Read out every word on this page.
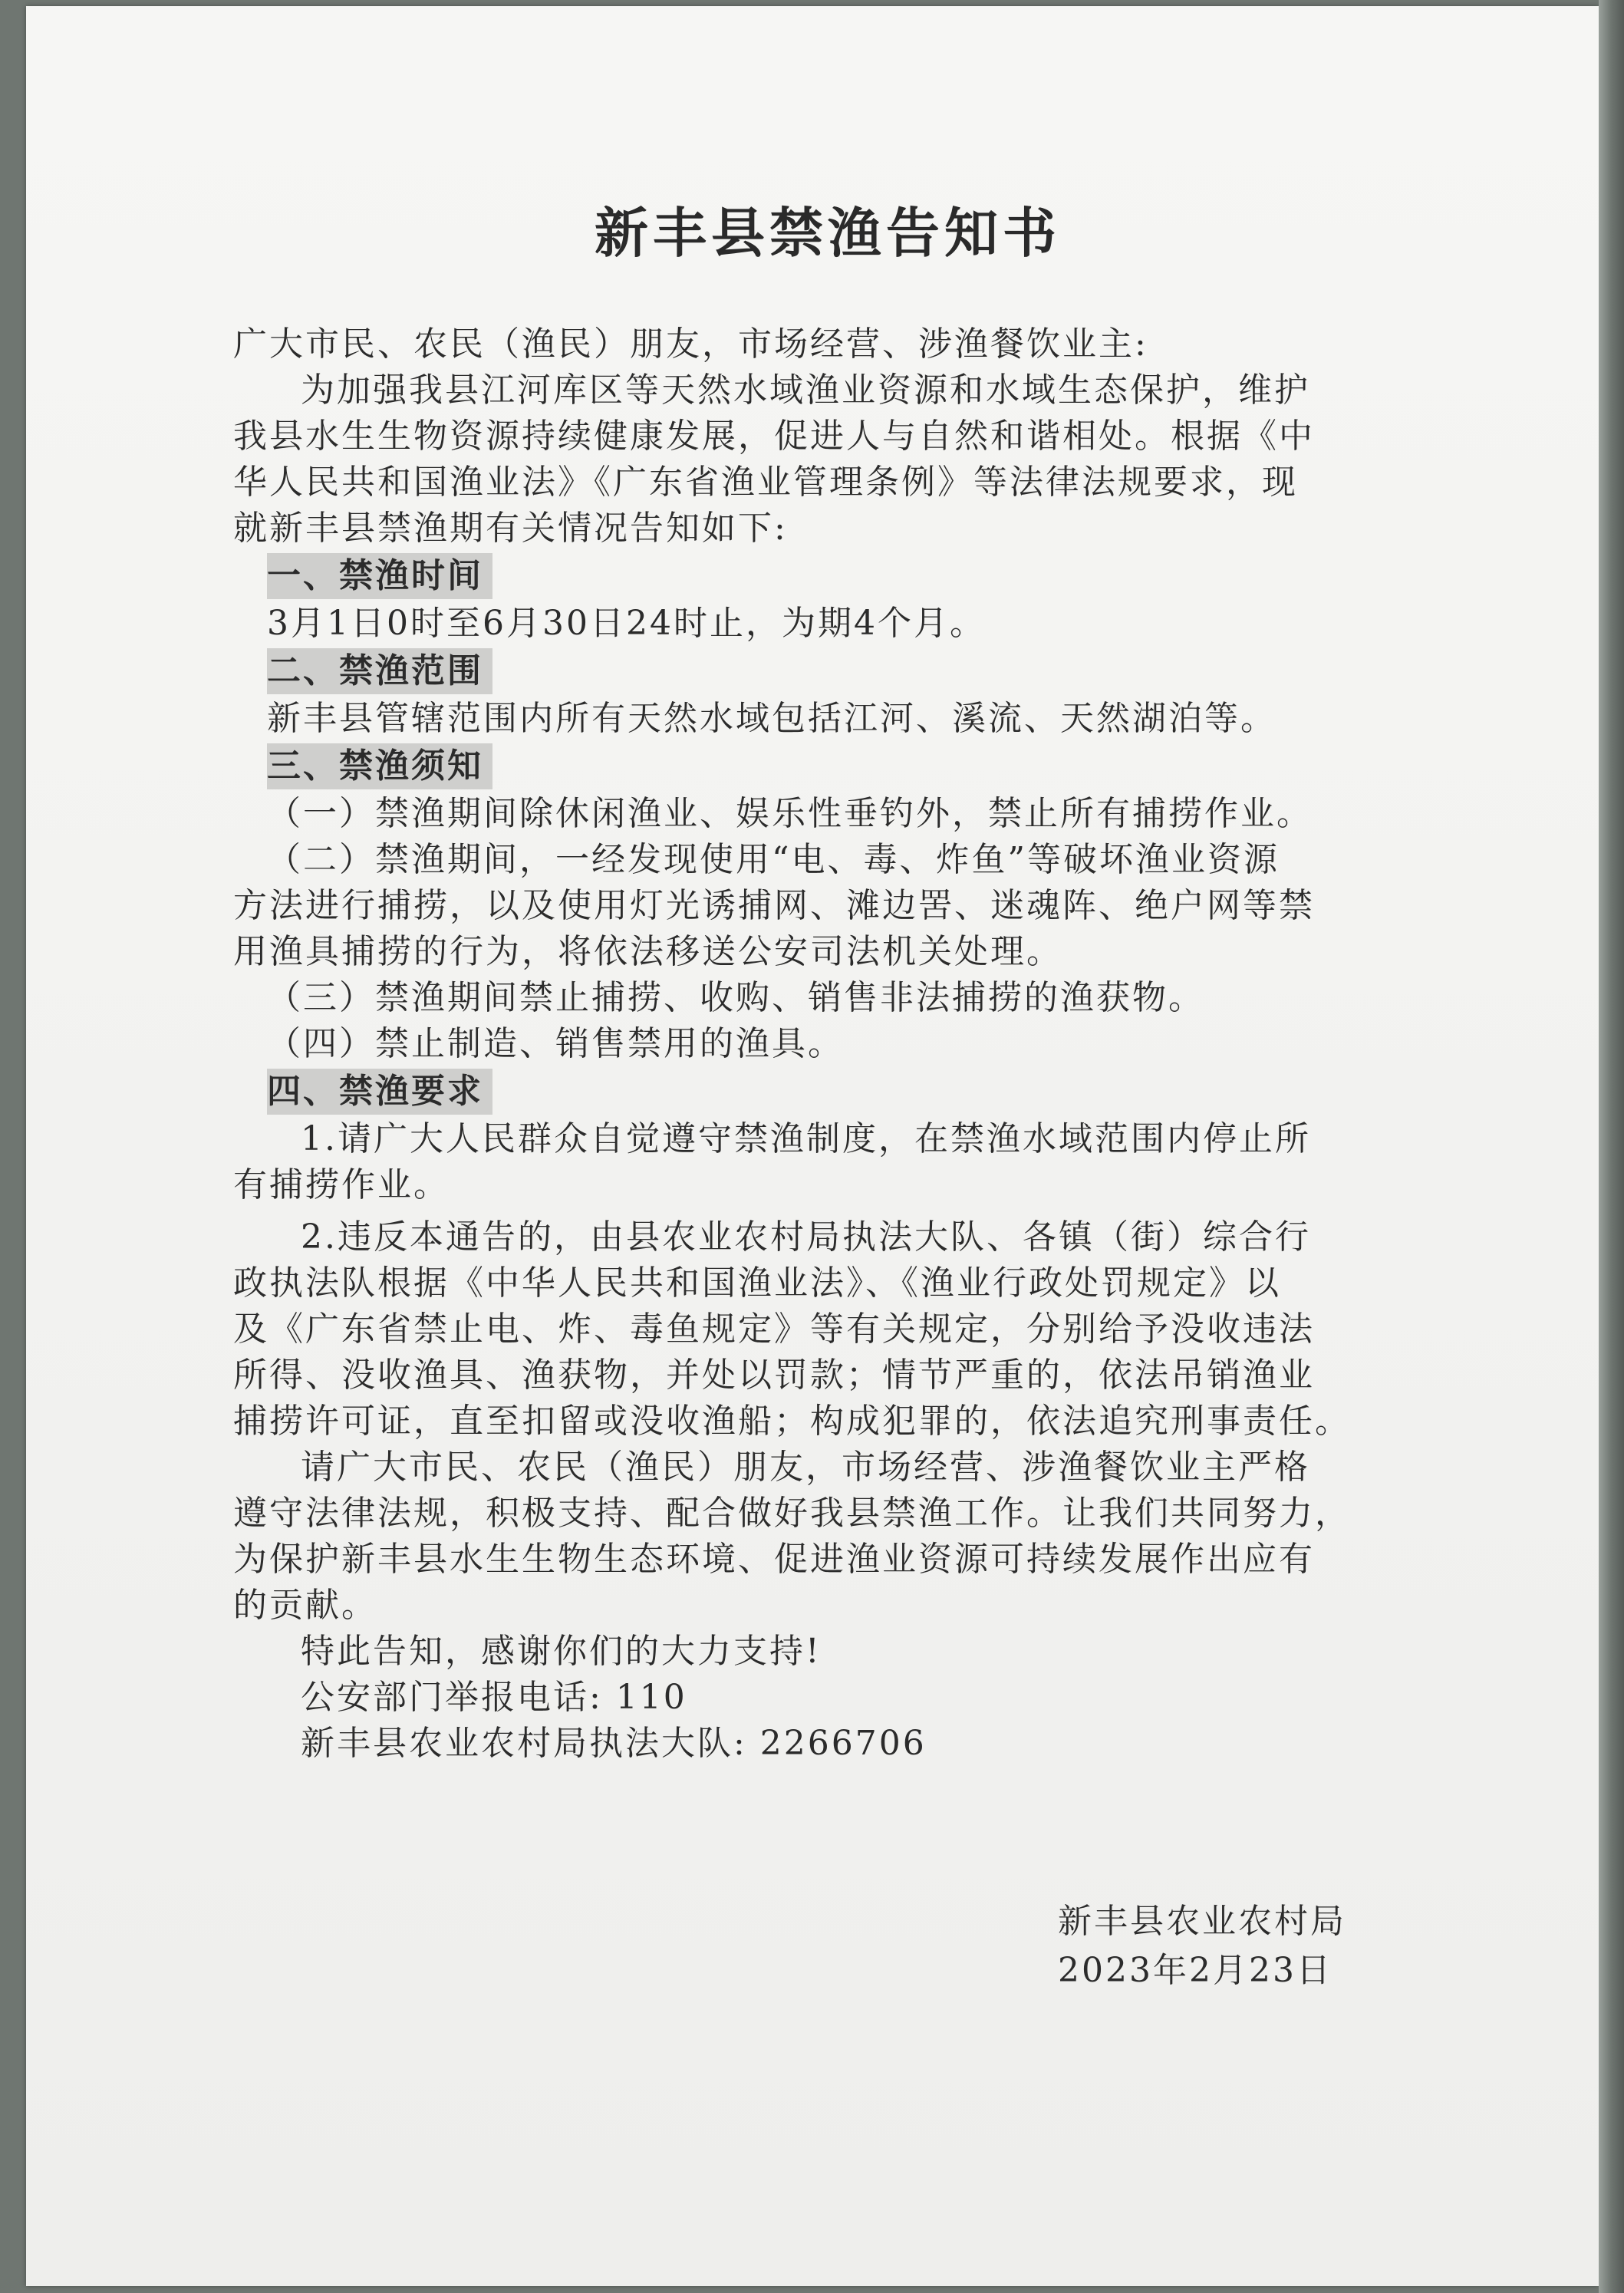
新丰县禁渔告知书

广大市民、农民（渔民）朋友，市场经营、涉渔餐饮业主:

为加强我县江河库区等天然水域渔业资源和水域生态保护，维护

我县水生生物资源持续健康发展，促进人与自然和谐相处。根据《中

华人民共和国渔业法》《广东省渔业管理条例》等法律法规要求，现

就新丰县禁渔期有关情况告知如下:

一、禁渔时间

3月1日0时至6月30日24时止，为期4个月。

二、禁渔范围

新丰县管辖范围内所有天然水域包括江河、溪流、天然湖泊等。

三、禁渔须知

（一）禁渔期间除休闲渔业、娱乐性垂钓外，禁止所有捕捞作业。

（二）禁渔期间，一经发现使用“电、毒、炸鱼”等破坏渔业资源

方法进行捕捞，以及使用灯光诱捕网、滩边罟、迷魂阵、绝户网等禁

用渔具捕捞的行为，将依法移送公安司法机关处理。

（三）禁渔期间禁止捕捞、收购、销售非法捕捞的渔获物。

（四）禁止制造、销售禁用的渔具。

四、禁渔要求

1.请广大人民群众自觉遵守禁渔制度，在禁渔水域范围内停止所

有捕捞作业。

2.违反本通告的，由县农业农村局执法大队、各镇（街）综合行

政执法队根据《中华人民共和国渔业法》、《渔业行政处罚规定》以

及《广东省禁止电、炸、毒鱼规定》等有关规定，分别给予没收违法

所得、没收渔具、渔获物，并处以罚款；情节严重的，依法吊销渔业

捕捞许可证，直至扣留或没收渔船；构成犯罪的，依法追究刑事责任。

请广大市民、农民（渔民）朋友，市场经营、涉渔餐饮业主严格

遵守法律法规，积极支持、配合做好我县禁渔工作。让我们共同努力，

为保护新丰县水生生物生态环境、促进渔业资源可持续发展作出应有

的贡献。

特此告知，感谢你们的大力支持!

公安部门举报电话: 110

新丰县农业农村局执法大队: 2266706

新丰县农业农村局
2023年2月23日
